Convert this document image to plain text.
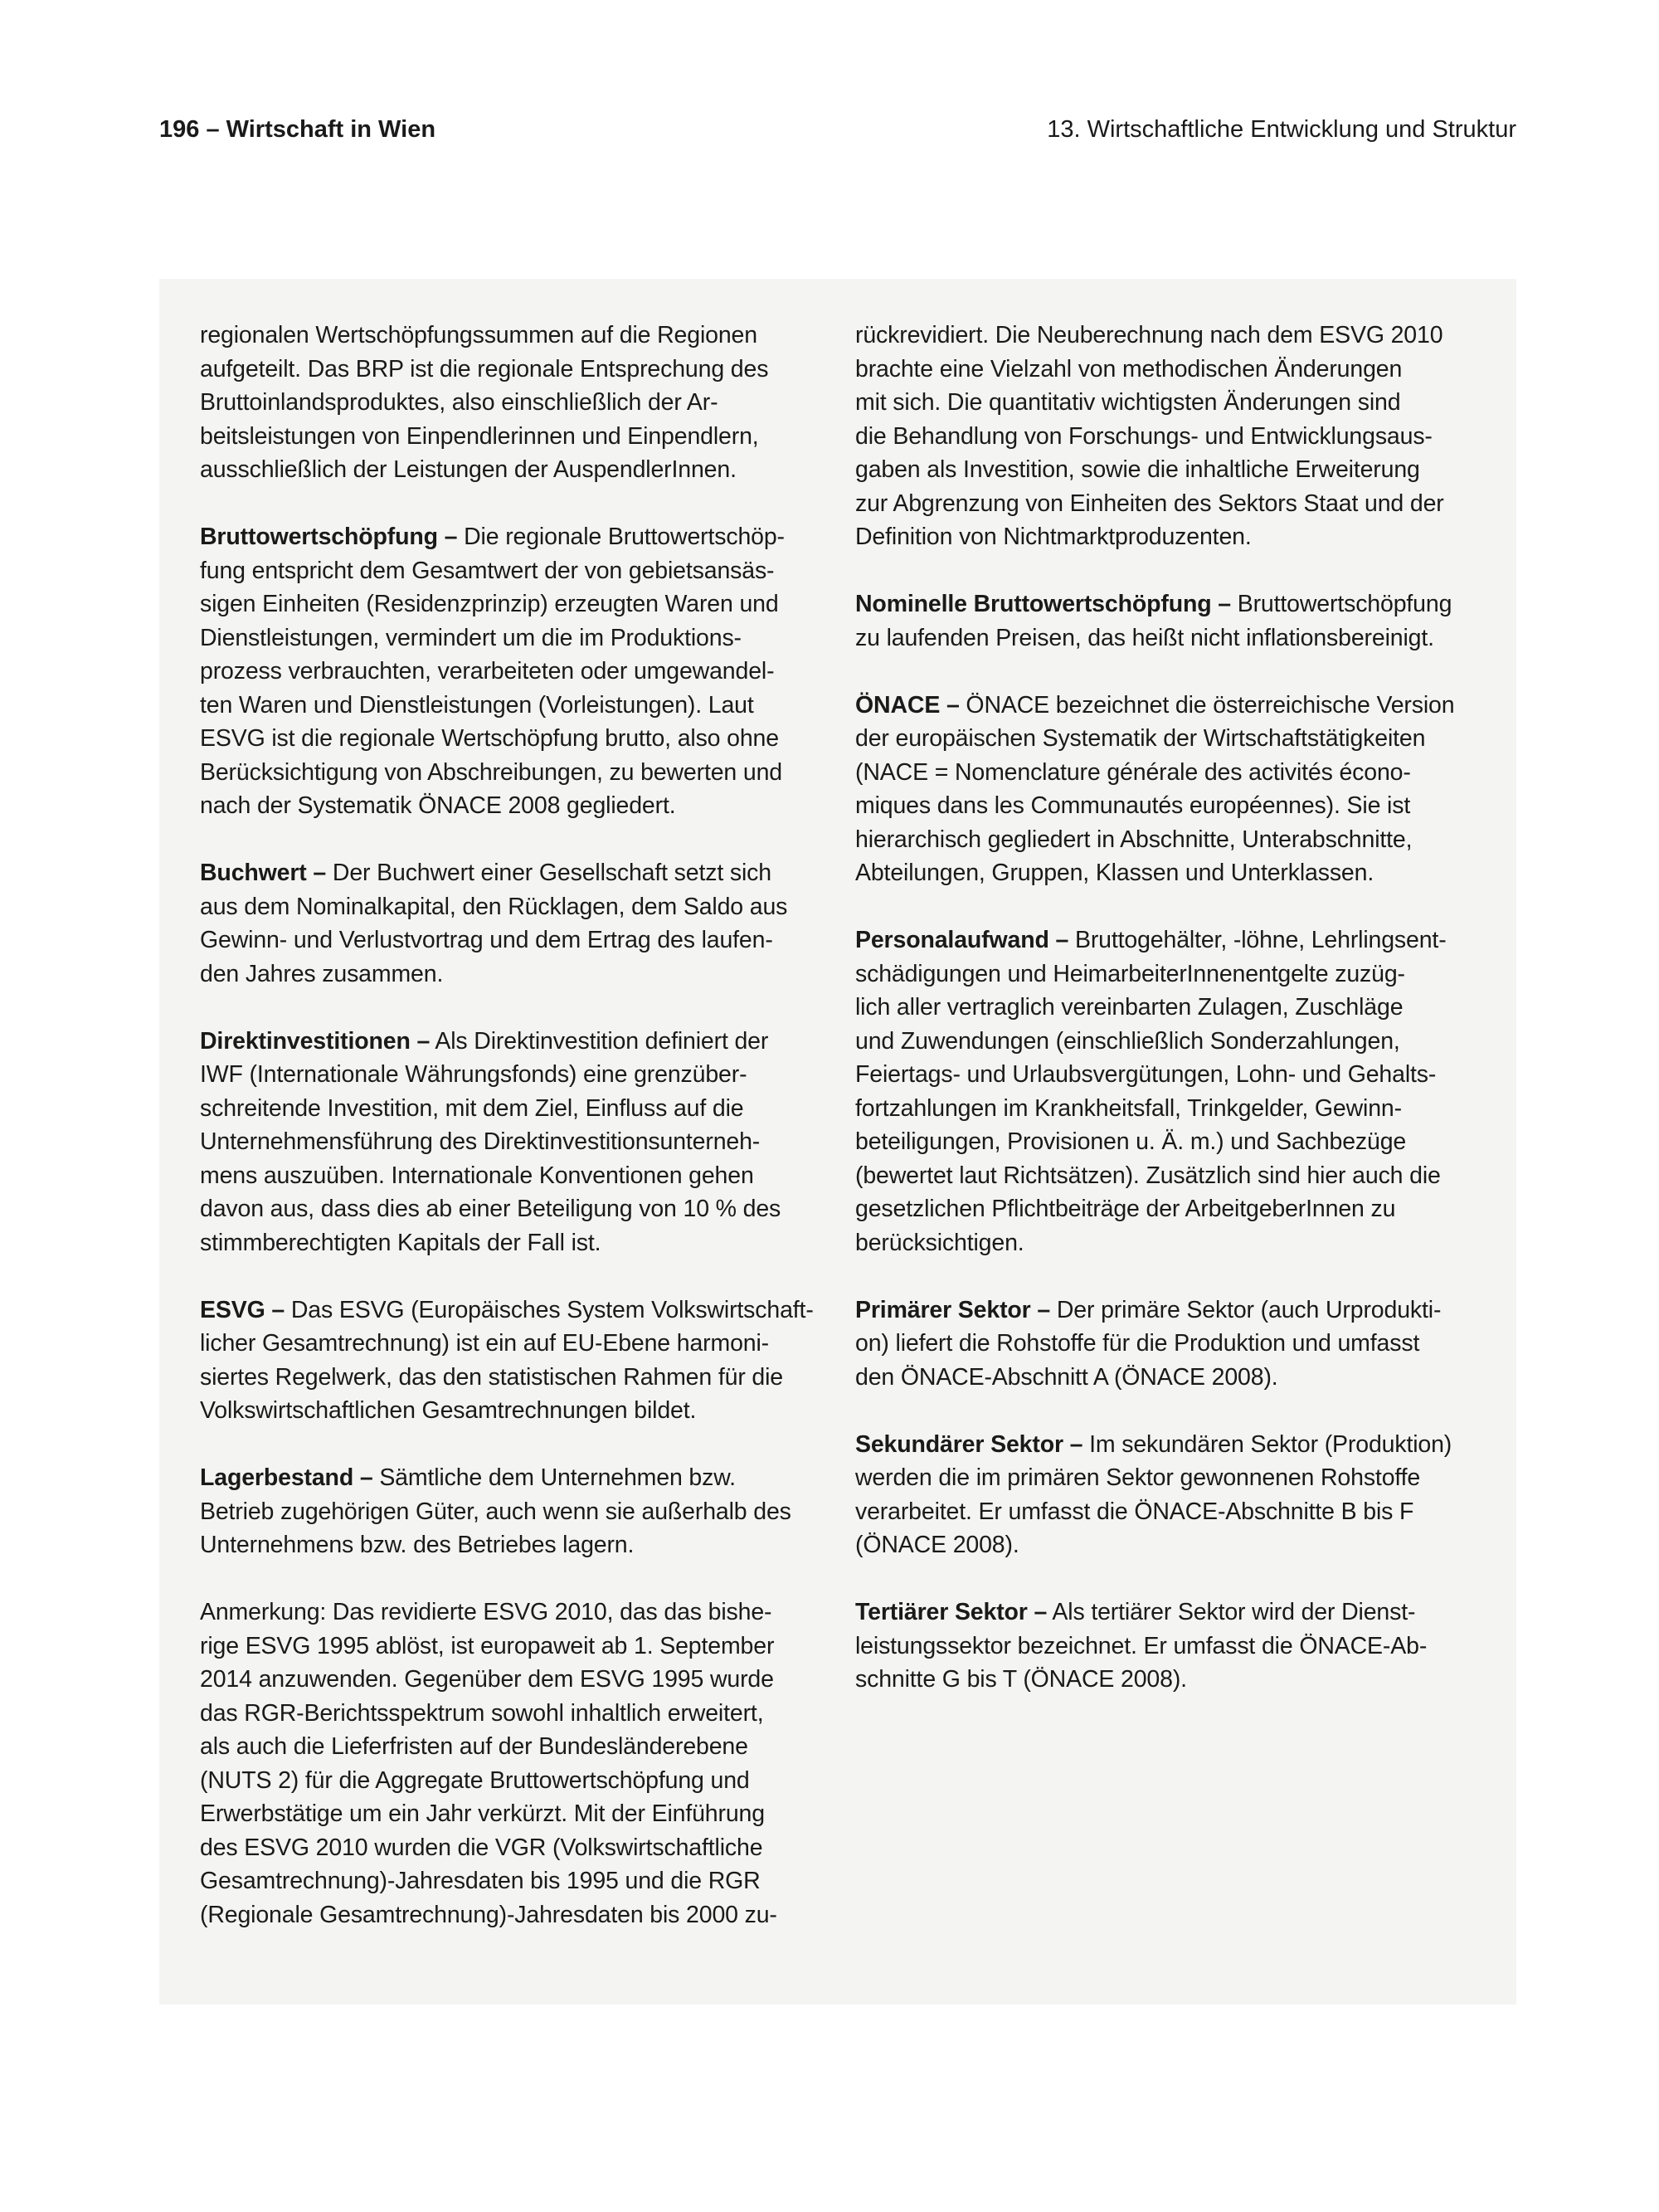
196 – Wirtschaft in Wien	13. Wirtschaftliche Entwicklung und Struktur
regionalen Wertschöpfungssummen auf die Regionen
aufgeteilt. Das BRP ist die regionale Entsprechung des
Bruttoinlandsproduktes, also einschließlich der Ar-
beitsleistungen von Einpendlerinnen und Einpendlern,
ausschließlich der Leistungen der AuspendlerInnen.
Bruttowertschöpfung – Die regionale Bruttowertschöp-
fung entspricht dem Gesamtwert der von gebietsansäs-
sigen Einheiten (Residenzprinzip) erzeugten Waren und
Dienstleistungen, vermindert um die im Produktions-
prozess verbrauchten, verarbeiteten oder umgewandel-
ten Waren und Dienstleistungen (Vorleistungen). Laut
ESVG ist die regionale Wertschöpfung brutto, also ohne
Berücksichtigung von Abschreibungen, zu bewerten und
nach der Systematik ÖNACE 2008 gegliedert.
Buchwert – Der Buchwert einer Gesellschaft setzt sich
aus dem Nominalkapital, den Rücklagen, dem Saldo aus
Gewinn- und Verlustvortrag und dem Ertrag des laufen-
den Jahres zusammen.
Direktinvestitionen – Als Direktinvestition definiert der
IWF (Internationale Währungsfonds) eine grenzüber-
schreitende Investition, mit dem Ziel, Einfluss auf die
Unternehmensführung des Direktinvestitionsunterneh-
mens auszuüben. Internationale Konventionen gehen
davon aus, dass dies ab einer Beteiligung von 10 % des
stimmberechtigten Kapitals der Fall ist.
ESVG – Das ESVG (Europäisches System Volkswirtschaft-
licher Gesamtrechnung) ist ein auf EU-Ebene harmoni-
siertes Regelwerk, das den statistischen Rahmen für die
Volkswirtschaftlichen Gesamtrechnungen bildet.
Lagerbestand – Sämtliche dem Unternehmen bzw.
Betrieb zugehörigen Güter, auch wenn sie außerhalb des
Unternehmens bzw. des Betriebes lagern.
Anmerkung: Das revidierte ESVG 2010, das das bishe-
rige ESVG 1995 ablöst, ist europaweit ab 1. September
2014 anzuwenden. Gegenüber dem ESVG 1995 wurde
das RGR-Berichtsspektrum sowohl inhaltlich erweitert,
als auch die Lieferfristen auf der Bundesländerebene
(NUTS 2) für die Aggregate Bruttowertschöpfung und
Erwerbstätige um ein Jahr verkürzt. Mit der Einführung
des ESVG 2010 wurden die VGR (Volkswirtschaftliche
Gesamtrechnung)-Jahresdaten bis 1995 und die RGR
(Regionale Gesamtrechnung)-Jahresdaten bis 2000 zu-
rückrevidiert. Die Neuberechnung nach dem ESVG 2010
brachte eine Vielzahl von methodischen Änderungen
mit sich. Die quantitativ wichtigsten Änderungen sind
die Behandlung von Forschungs- und Entwicklungsaus-
gaben als Investition, sowie die inhaltliche Erweiterung
zur Abgrenzung von Einheiten des Sektors Staat und der
Definition von Nichtmarktproduzenten.
Nominelle Bruttowertschöpfung – Bruttowertschöpfung
zu laufenden Preisen, das heißt nicht inflationsbereinigt.
ÖNACE – ÖNACE bezeichnet die österreichische Version
der europäischen Systematik der Wirtschaftstätigkeiten
(NACE = Nomenclature générale des activités écono-
miques dans les Communautés européennes). Sie ist
hierarchisch gegliedert in Abschnitte, Unterabschnitte,
Abteilungen, Gruppen, Klassen und Unterklassen.
Personalaufwand – Bruttogehälter, -löhne, Lehrlingsent-
schädigungen und HeimarbeiterInnenentgelte zuzüg-
lich aller vertraglich vereinbarten Zulagen, Zuschläge
und Zuwendungen (einschließlich Sonderzahlungen,
Feiertags- und Urlaubsvergütungen, Lohn- und Gehalts-
fortzahlungen im Krankheitsfall, Trinkgelder, Gewinn-
beteiligungen, Provisionen u. Ä. m.) und Sachbezüge
(bewertet laut Richtsätzen). Zusätzlich sind hier auch die
gesetzlichen Pflichtbeiträge der ArbeitgeberInnen zu
berücksichtigen.
Primärer Sektor – Der primäre Sektor (auch Urprodukti-
on) liefert die Rohstoffe für die Produktion und umfasst
den ÖNACE-Abschnitt A (ÖNACE 2008).
Sekundärer Sektor – Im sekundären Sektor (Produktion)
werden die im primären Sektor gewonnenen Rohstoffe
verarbeitet. Er umfasst die ÖNACE-Abschnitte B bis F
(ÖNACE 2008).
Tertiärer Sektor – Als tertiärer Sektor wird der Dienst-
leistungssektor bezeichnet. Er umfasst die ÖNACE-Ab-
schnitte G bis T (ÖNACE 2008).
